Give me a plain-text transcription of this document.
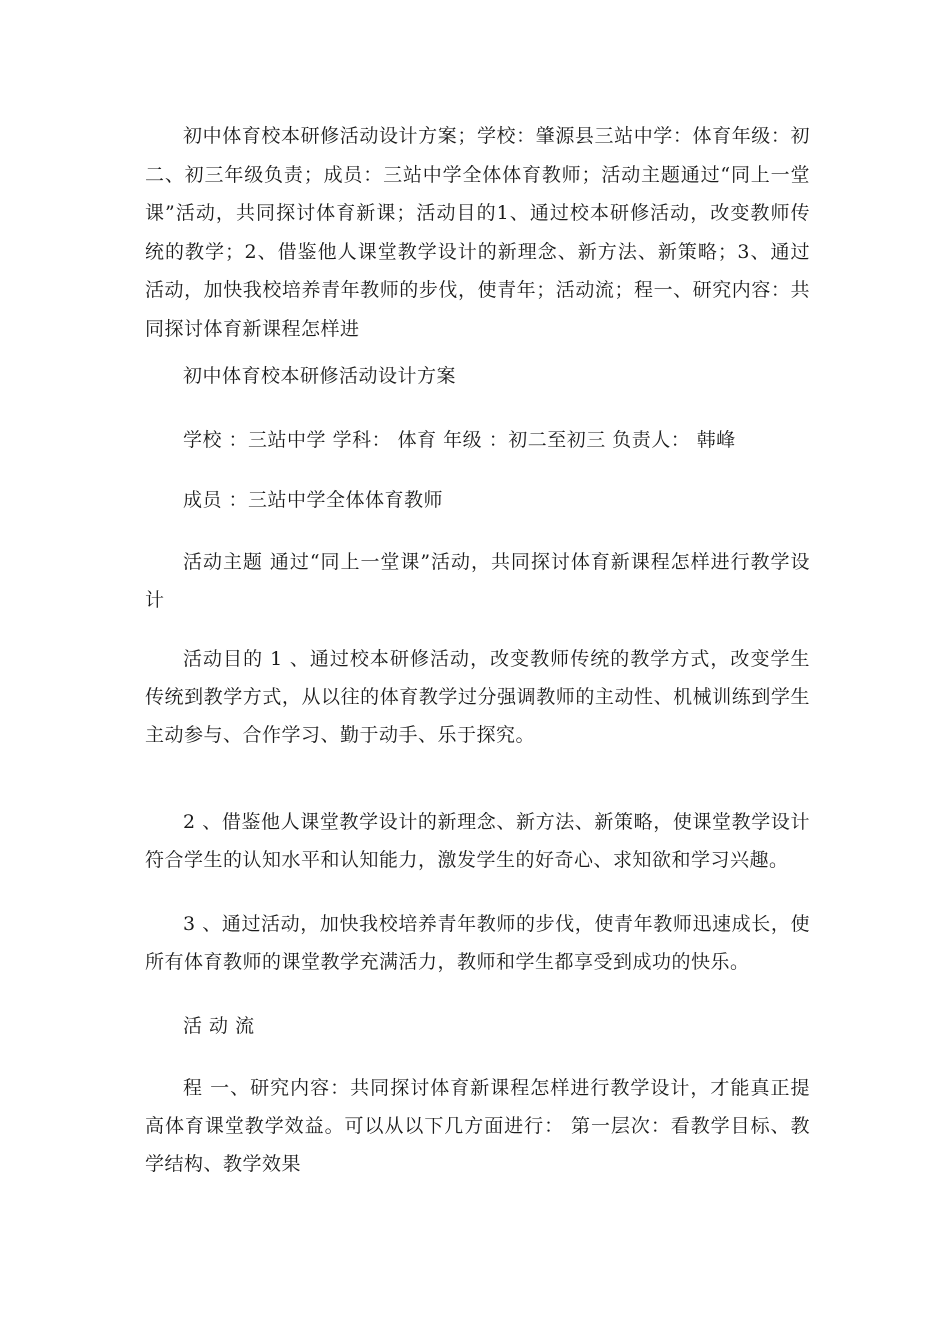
初中体育校本研修活动设计方案；学校：肇源县三站中学：体育年级：初二、初三年级负责；成员：三站中学全体体育教师；活动主题通过“同上一堂课”活动，共同探讨体育新课；活动目的1、通过校本研修活动，改变教师传统的教学；2、借鉴他人课堂教学设计的新理念、新方法、新策略；3、通过活动，加快我校培养青年教师的步伐，使青年；活动流；程一、研究内容：共同探讨体育新课程怎样进

初中体育校本研修活动设计方案

学校 ：三站中学 学科： 体育 年级 ：初二至初三 负责人： 韩峰

成员 ：三站中学全体体育教师

活动主题 通过“同上一堂课”活动，共同探讨体育新课程怎样进行教学设计

活动目的 1 、通过校本研修活动，改变教师传统的教学方式，改变学生传统到教学方式，从以往的体育教学过分强调教师的主动性、机械训练到学生主动参与、合作学习、勤于动手、乐于探究。

2 、借鉴他人课堂教学设计的新理念、新方法、新策略，使课堂教学设计符合学生的认知水平和认知能力，激发学生的好奇心、求知欲和学习兴趣。

3 、通过活动，加快我校培养青年教师的步伐，使青年教师迅速成长，使所有体育教师的课堂教学充满活力，教师和学生都享受到成功的快乐。

活 动 流

程 一、研究内容：共同探讨体育新课程怎样进行教学设计，才能真正提高体育课堂教学效益。可以从以下几方面进行： 第一层次：看教学目标、教学结构、教学效果
